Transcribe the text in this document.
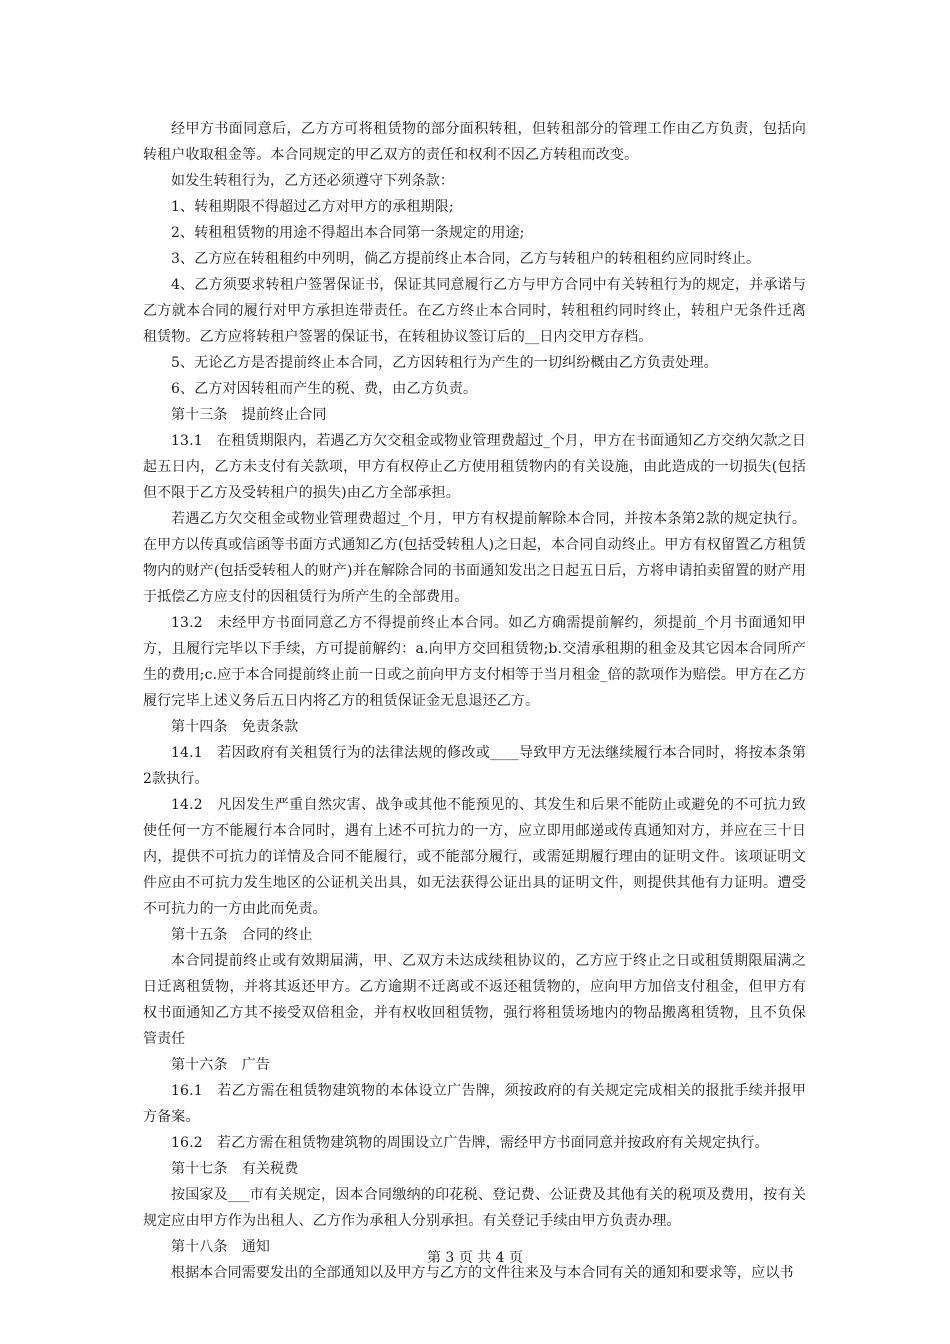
经甲方书面同意后，乙方方可将租赁物的部分面积转租，但转租部分的管理工作由乙方负责，包括向转租户收取租金等。本合同规定的甲乙双方的责任和权利不因乙方转租而改变。

如发生转租行为，乙方还必须遵守下列条款：

1、转租期限不得超过乙方对甲方的承租期限;

2、转租租赁物的用途不得超出本合同第一条规定的用途;

3、乙方应在转租租约中列明，倘乙方提前终止本合同，乙方与转租户的转租租约应同时终止。

4、乙方须要求转租户签署保证书，保证其同意履行乙方与甲方合同中有关转租行为的规定，并承诺与乙方就本合同的履行对甲方承担连带责任。在乙方终止本合同时，转租租约同时终止，转租户无条件迁离租赁物。乙方应将转租户签署的保证书，在转租协议签订后的__日内交甲方存档。

5、无论乙方是否提前终止本合同，乙方因转租行为产生的一切纠纷概由乙方负责处理。

6、乙方对因转租而产生的税、费，由乙方负责。

第十三条　提前终止合同

13.1　在租赁期限内，若遇乙方欠交租金或物业管理费超过_个月，甲方在书面通知乙方交纳欠款之日起五日内，乙方未支付有关款项，甲方有权停止乙方使用租赁物内的有关设施，由此造成的一切损失(包括但不限于乙方及受转租户的损失)由乙方全部承担。

若遇乙方欠交租金或物业管理费超过_个月，甲方有权提前解除本合同，并按本条第2款的规定执行。在甲方以传真或信函等书面方式通知乙方(包括受转租人)之日起，本合同自动终止。甲方有权留置乙方租赁物内的财产(包括受转租人的财产)并在解除合同的书面通知发出之日起五日后，方将申请拍卖留置的财产用于抵偿乙方应支付的因租赁行为所产生的全部费用。

13.2　未经甲方书面同意乙方不得提前终止本合同。如乙方确需提前解约，须提前_个月书面通知甲方，且履行完毕以下手续，方可提前解约：a.向甲方交回租赁物;b.交清承租期的租金及其它因本合同所产生的费用;c.应于本合同提前终止前一日或之前向甲方支付相等于当月租金_倍的款项作为赔偿。甲方在乙方履行完毕上述义务后五日内将乙方的租赁保证金无息退还乙方。

第十四条　免责条款

14.1　若因政府有关租赁行为的法律法规的修改或____导致甲方无法继续履行本合同时，将按本条第2款执行。

14.2　凡因发生严重自然灾害、战争或其他不能预见的、其发生和后果不能防止或避免的不可抗力致使任何一方不能履行本合同时，遇有上述不可抗力的一方，应立即用邮递或传真通知对方，并应在三十日内，提供不可抗力的详情及合同不能履行，或不能部分履行，或需延期履行理由的证明文件。该项证明文件应由不可抗力发生地区的公证机关出具，如无法获得公证出具的证明文件，则提供其他有力证明。遭受不可抗力的一方由此而免责。

第十五条　合同的终止

本合同提前终止或有效期届满，甲、乙双方未达成续租协议的，乙方应于终止之日或租赁期限届满之日迁离租赁物，并将其返还甲方。乙方逾期不迁离或不返还租赁物的，应向甲方加倍支付租金，但甲方有权书面通知乙方其不接受双倍租金，并有权收回租赁物，强行将租赁场地内的物品搬离租赁物，且不负保管责任

第十六条　广告

16.1　若乙方需在租赁物建筑物的本体设立广告牌，须按政府的有关规定完成相关的报批手续并报甲方备案。

16.2　若乙方需在租赁物建筑物的周围设立广告牌，需经甲方书面同意并按政府有关规定执行。

第十七条　有关税费

按国家及___市有关规定，因本合同缴纳的印花税、登记费、公证费及其他有关的税项及费用，按有关规定应由甲方作为出租人、乙方作为承租人分别承担。有关登记手续由甲方负责办理。

第十八条　通知

根据本合同需要发出的全部通知以及甲方与乙方的文件往来及与本合同有关的通知和要求等，应以书

第 3 页 共 4 页
